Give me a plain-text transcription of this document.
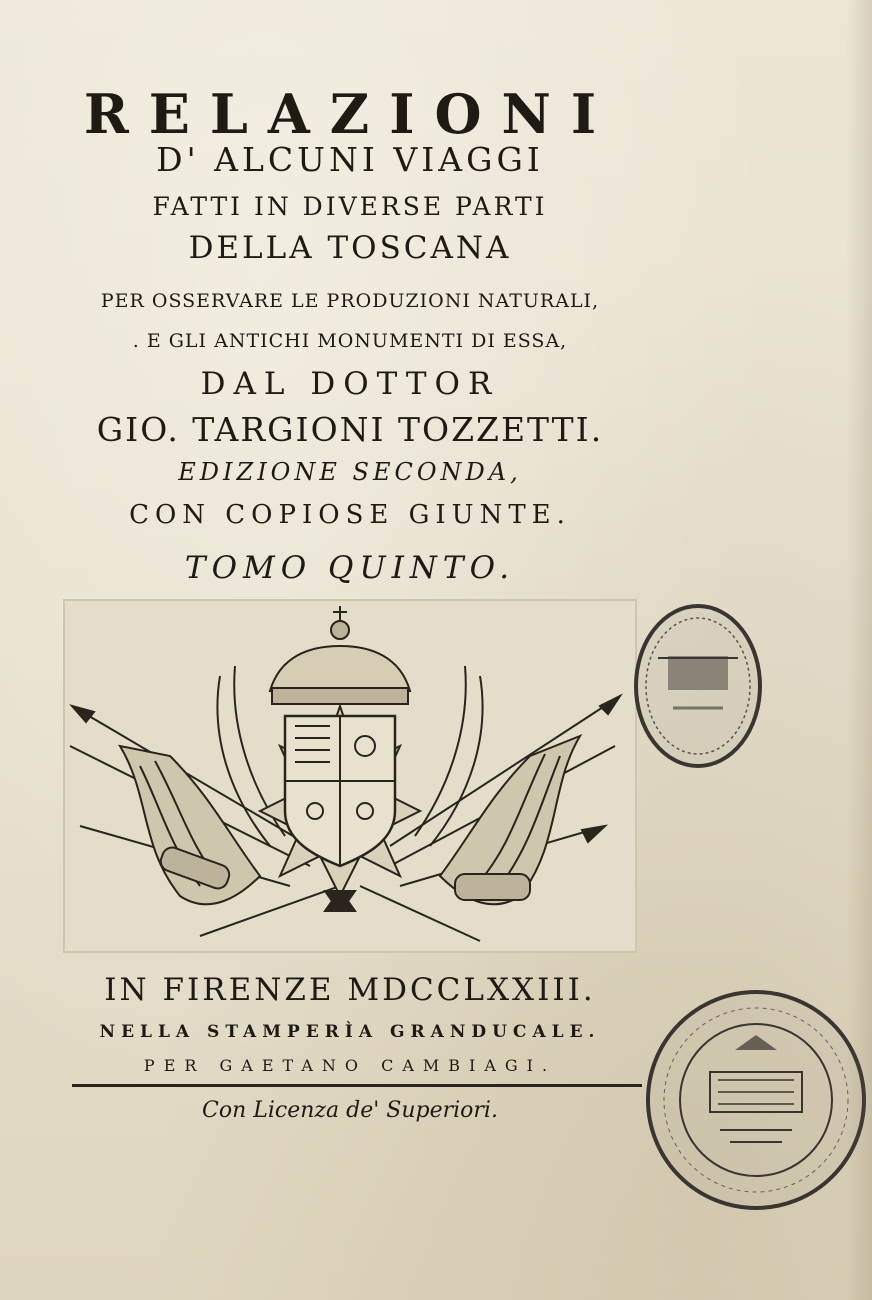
RELAZIONI
D' ALCUNI VIAGGI
FATTI IN DIVERSE PARTI
DELLA TOSCANA
PER OSSERVARE LE PRODUZIONI NATURALI,
. E GLI ANTICHI MONUMENTI DI ESSA,
DAL DOTTOR
GIO. TARGIONI TOZZETTI.
EDIZIONE SECONDA,
CON COPIOSE GIUNTE.
TOMO QUINTO.
IN FIRENZE MDCCLXXIII.
NELLA STAMPERÌA GRANDUCALE.
PER GAETANO CAMBIAGI.
Con Licenza de' Superiori.
